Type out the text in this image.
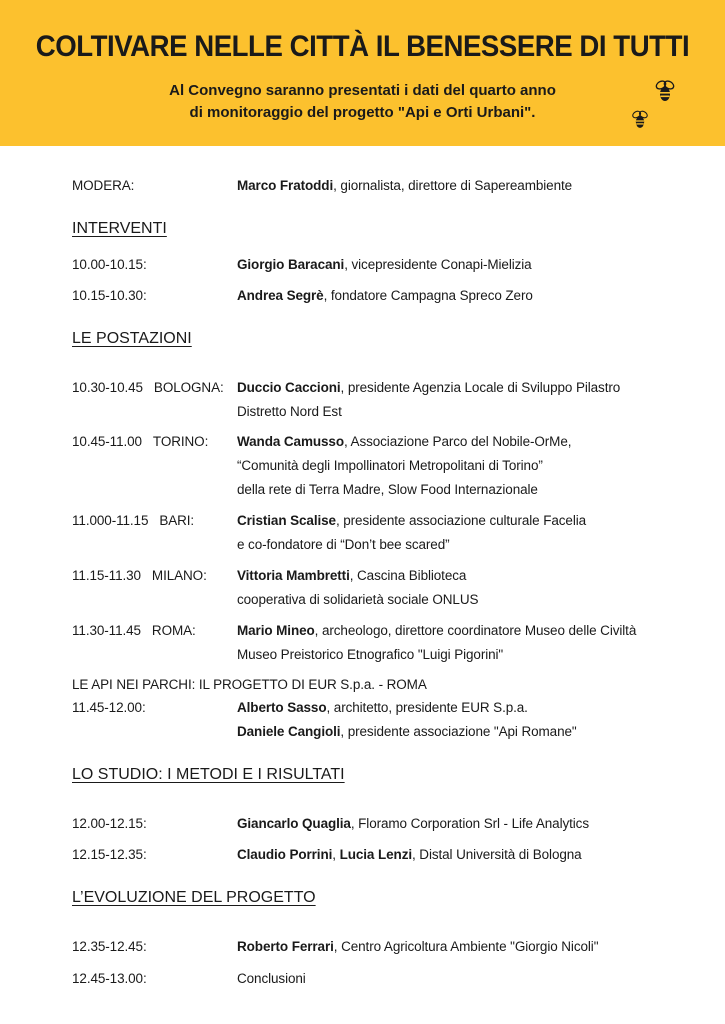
COLTIVARE NELLE CITTÀ IL BENESSERE DI TUTTI
Al Convegno saranno presentati i dati del quarto anno
di monitoraggio del progetto "Api e Orti Urbani".
MODERA:	Marco Fratoddi, giornalista, direttore di Sapereambiente
INTERVENTI
10.00-10.15:	Giorgio Baracani, vicepresidente Conapi-Mielizia
10.15-10.30:	Andrea Segrè, fondatore Campagna Spreco Zero
LE POSTAZIONI
10.30-10.45 BOLOGNA: Duccio Caccioni, presidente Agenzia Locale di Sviluppo Pilastro
Distretto Nord Est
10.45-11.00 TORINO: Wanda Camusso, Associazione Parco del Nobile-OrMe,
“Comunità degli Impollinatori Metropolitani di Torino”
della rete di Terra Madre, Slow Food Internazionale
11.000-11.15 BARI:	Cristian Scalise, presidente associazione culturale Facelia
e co-fondatore di “Don’t bee scared”
11.15-11.30 MILANO: Vittoria Mambretti, Cascina Biblioteca
cooperativa di solidarietà sociale ONLUS
11.30-11.45 ROMA:	Mario Mineo, archeologo, direttore coordinatore Museo delle Civiltà
Museo Preistorico Etnografico "Luigi Pigorini"
LE API NEI PARCHI: IL PROGETTO DI EUR S.p.a. - ROMA
11.45-12.00:	Alberto Sasso, architetto, presidente EUR S.p.a.
Daniele Cangioli, presidente associazione "Api Romane"
LO STUDIO: I METODI E I RISULTATI
12.00-12.15:	Giancarlo Quaglia, Floramo Corporation Srl - Life Analytics
12.15-12.35:	Claudio Porrini, Lucia Lenzi, Distal Università di Bologna
L’EVOLUZIONE DEL PROGETTO
12.35-12.45:	Roberto Ferrari, Centro Agricoltura Ambiente "Giorgio Nicoli"
12.45-13.00:	Conclusioni
